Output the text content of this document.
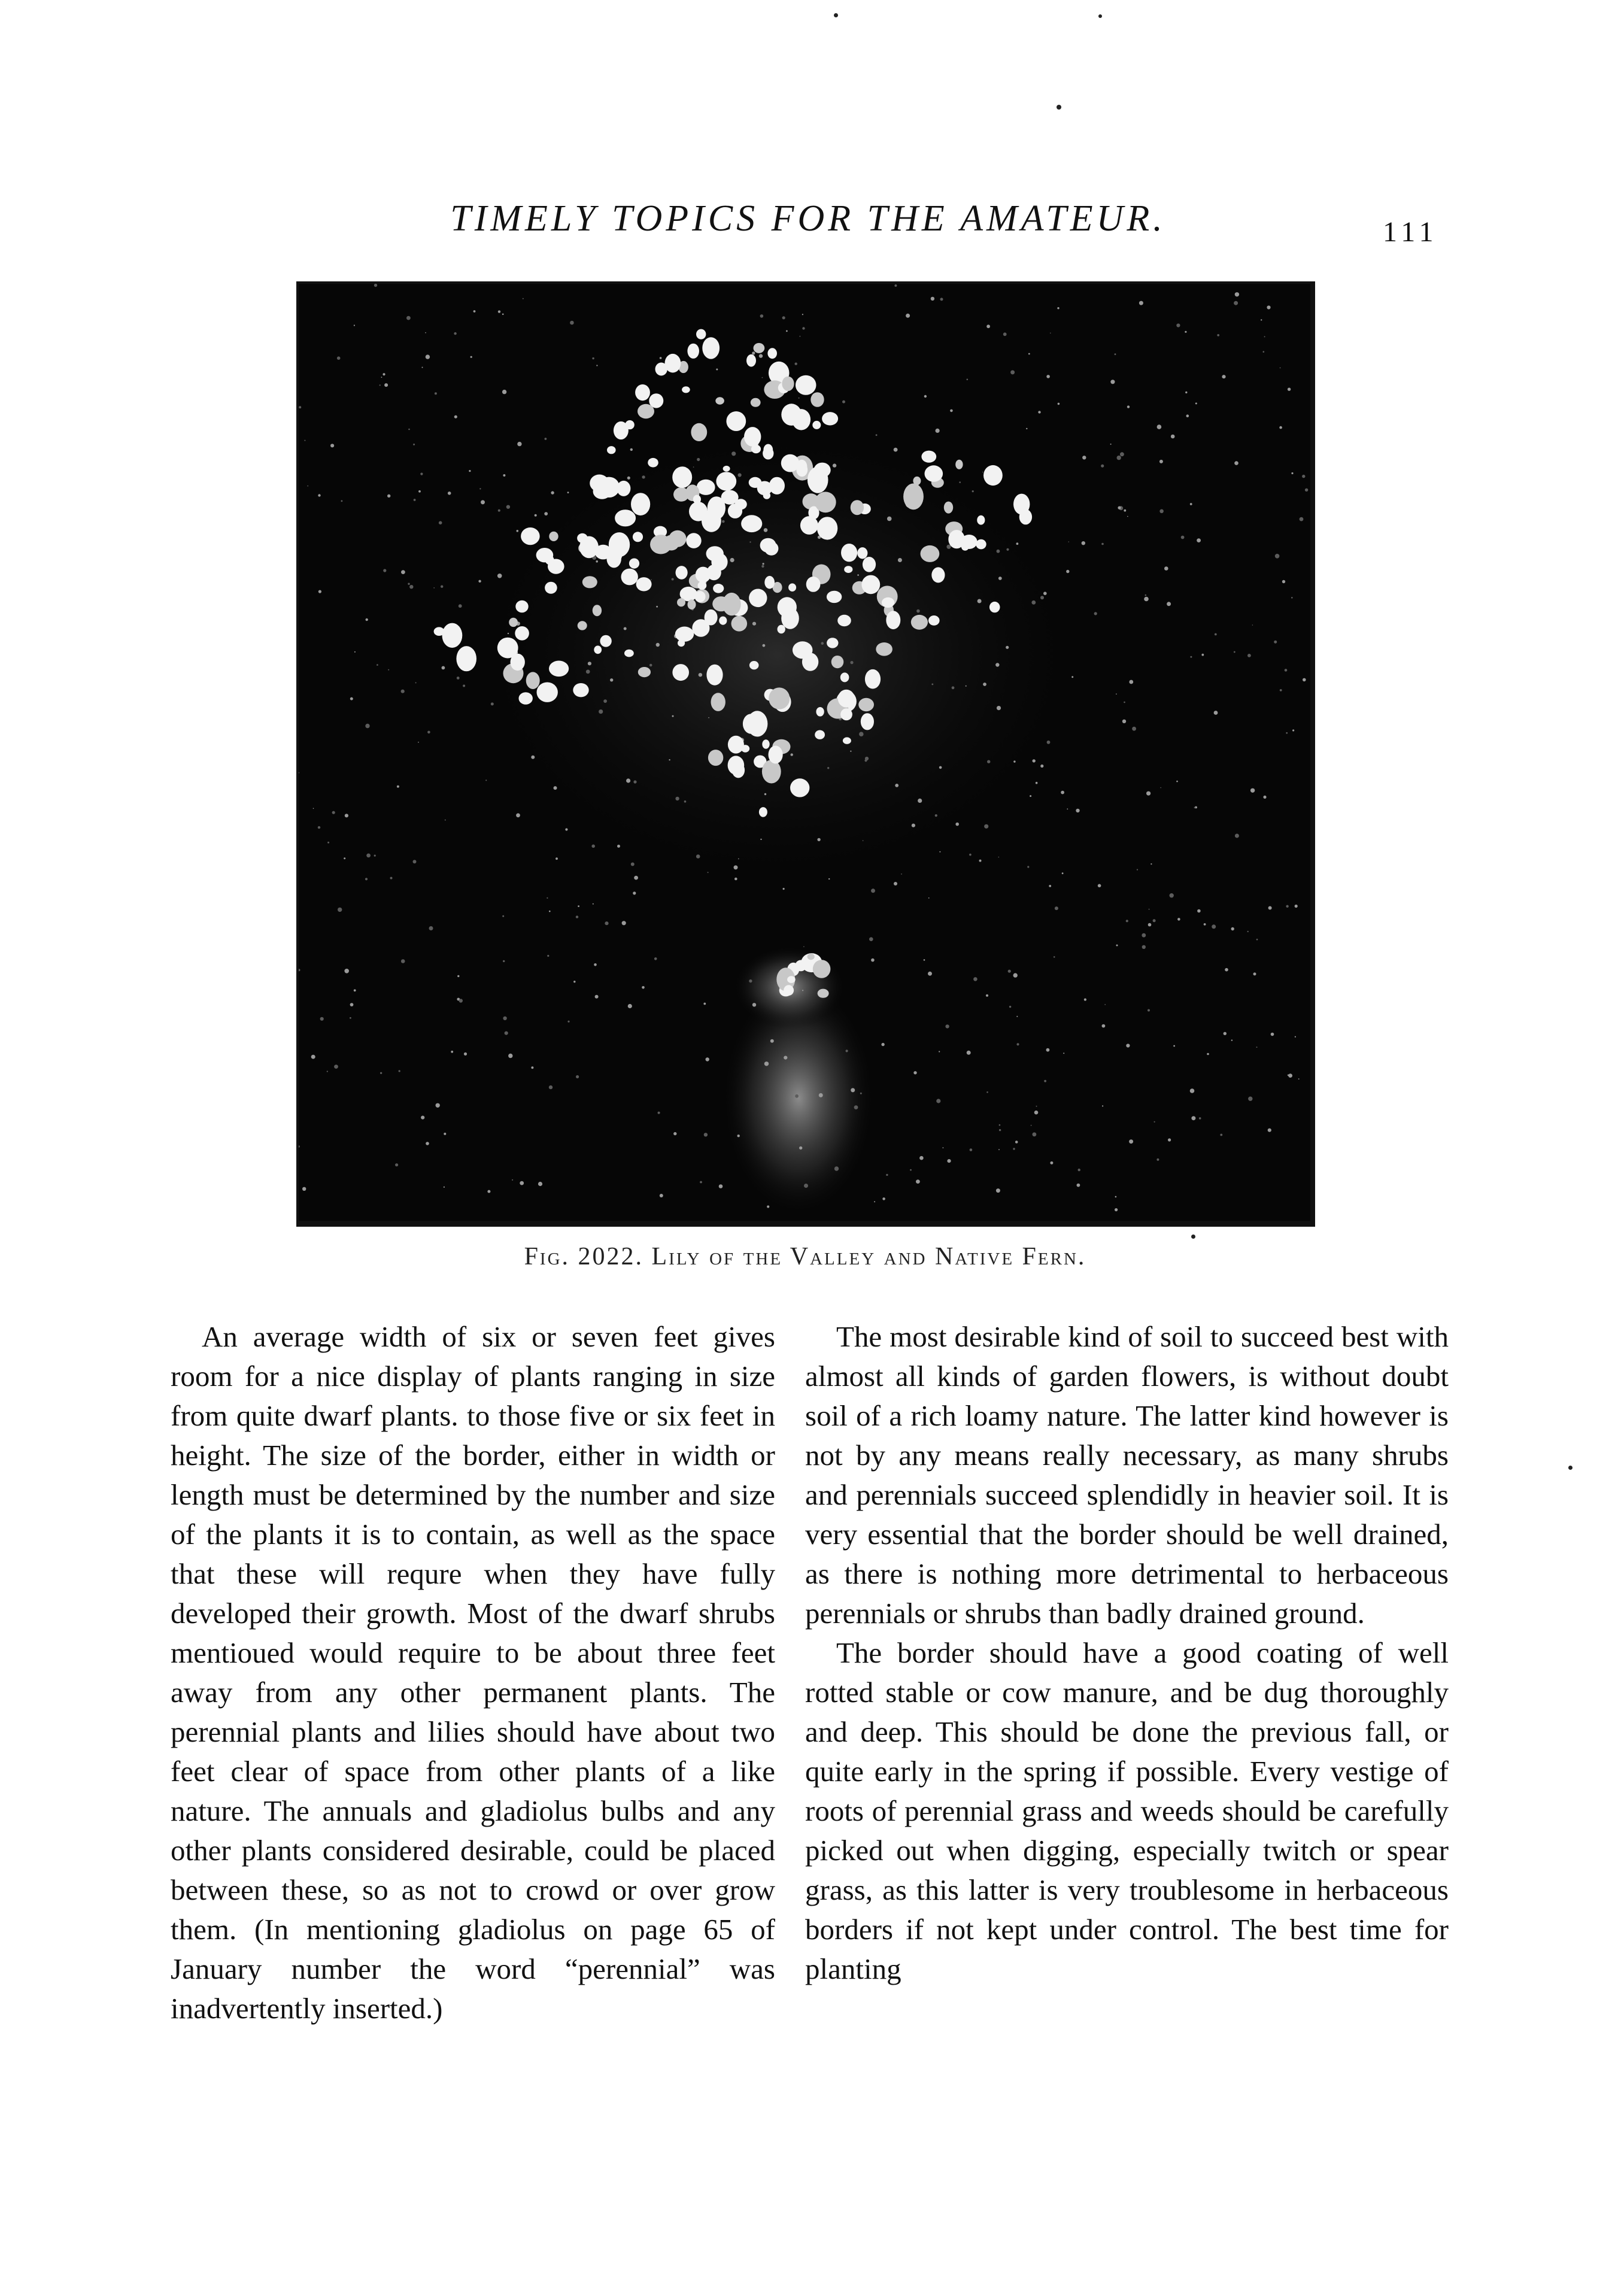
TIMELY TOPICS FOR THE AMATEUR.	111
Fig. 2022. Lily of the Valley and Native Fern.

An average width of six or seven feet gives room for a nice display of plants ranging in size from quite dwarf plants. to those five or six feet in height. The size of the border, either in width or length must be determined by the number and size of the plants it is to contain, as well as the space that these will requre when they have fully developed their growth. Most of the dwarf shrubs mentioued would require to be about three feet away from any other permanent plants. The perennial plants and lilies should have about two feet clear of space from other plants of a like nature. The annuals and gladiolus bulbs and any other plants considered desirable, could be placed between these, so as not to crowd or over grow them. (In mentioning gladiolus on page 65 of January number the word “perennial” was inadvertently inserted.)

The most desirable kind of soil to succeed best with almost all kinds of garden flowers, is without doubt soil of a rich loamy nature. The latter kind however is not by any means really necessary, as many shrubs and perennials succeed splendidly in heavier soil. It is very essential that the border should be well drained, as there is nothing more detrimental to herbaceous perennials or shrubs than badly drained ground.

The border should have a good coating of well rotted stable or cow manure, and be dug thoroughly and deep. This should be done the previous fall, or quite early in the spring if possible. Every vestige of roots of perennial grass and weeds should be carefully picked out when digging, especially twitch or spear grass, as this latter is very troublesome in herbaceous borders if not kept under control. The best time for planting
